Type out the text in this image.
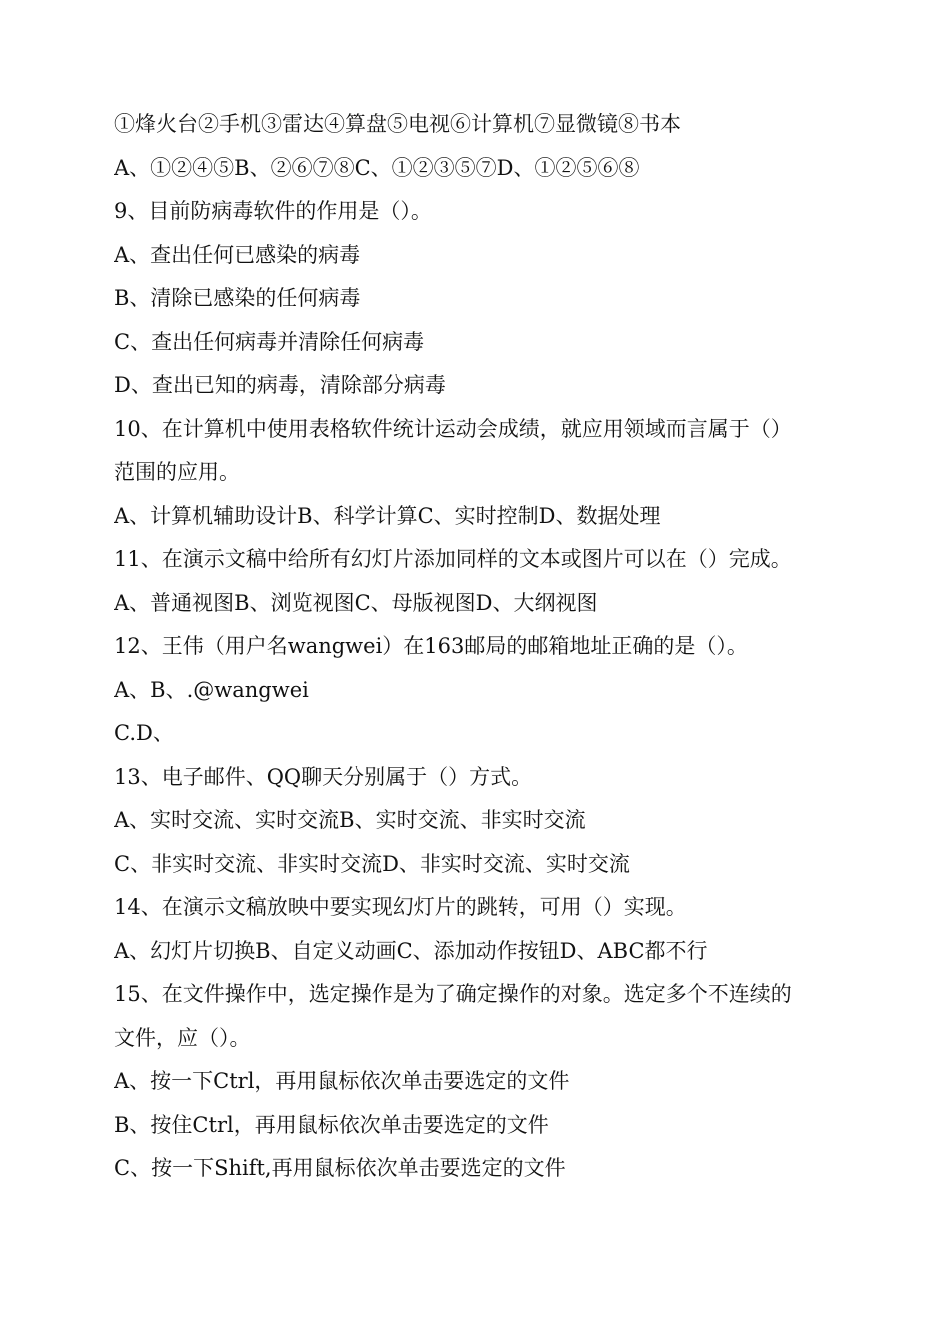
①烽火台②手机③雷达④算盘⑤电视⑥计算机⑦显微镜⑧书本
A、①②④⑤B、②⑥⑦⑧C、①②③⑤⑦D、①②⑤⑥⑧
9、目前防病毒软件的作用是（）。
A、查出任何已感染的病毒
B、清除已感染的任何病毒
C、查出任何病毒并清除任何病毒
D、查出已知的病毒，清除部分病毒
10、在计算机中使用表格软件统计运动会成绩，就应用领域而言属于（）
范围的应用。
A、计算机辅助设计B、科学计算C、实时控制D、数据处理
11、在演示文稿中给所有幻灯片添加同样的文本或图片可以在（）完成。
A、普通视图B、浏览视图C、母版视图D、大纲视图
12、王伟（用户名wangwei）在163邮局的邮箱地址正确的是（）。
A、B、.@wangwei
C.D、
13、电子邮件、QQ聊天分别属于（）方式。
A、实时交流、实时交流B、实时交流、非实时交流
C、非实时交流、非实时交流D、非实时交流、实时交流
14、在演示文稿放映中要实现幻灯片的跳转，可用（）实现。
A、幻灯片切换B、自定义动画C、添加动作按钮D、ABC都不行
15、在文件操作中，选定操作是为了确定操作的对象。选定多个不连续的
文件，应（）。
A、按一下Ctrl，再用鼠标依次单击要选定的文件
B、按住Ctrl，再用鼠标依次单击要选定的文件
C、按一下Shift,再用鼠标依次单击要选定的文件
